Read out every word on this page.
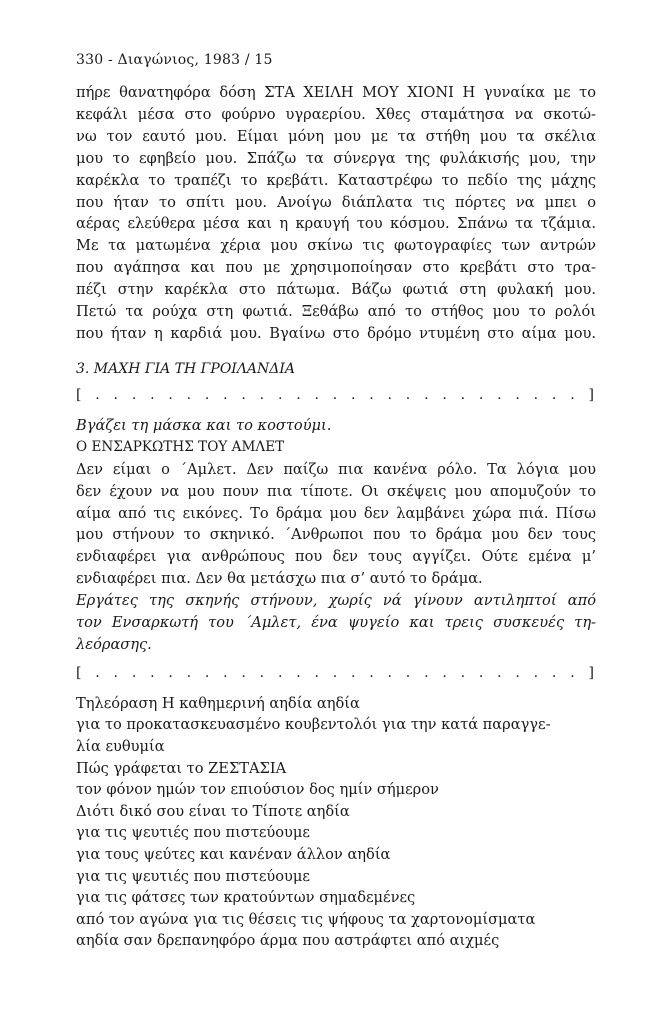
330 - Διαγώνιος, 1983 / 15

πήρε θανατηφόρα δόση ΣΤΑ ΧΕΙΛΗ ΜΟΥ ΧΙΟΝΙ Η γυναίκα με το
κεφάλι μέσα στο φούρνο υγραερίου. Χθες σταμάτησα να σκοτώ-
νω τον εαυτό μου. Είμαι μόνη μου με τα στήθη μου τα σκέλια
μου το εφηβείο μου. Σπάζω τα σύνεργα της φυλάκισής μου, την
καρέκλα το τραπέζι το κρεβάτι. Καταστρέφω το πεδίο της μάχης
που ήταν το σπίτι μου. Ανοίγω διάπλατα τις πόρτες να μπει ο
αέρας ελεύθερα μέσα και η κραυγή του κόσμου. Σπάνω τα τζάμια.
Με τα ματωμένα χέρια μου σκίνω τις φωτογραφίες των αντρών
που αγάπησα και που με χρησιμοποίησαν στο κρεβάτι στο τρα-
πέζι στην καρέκλα στο πάτωμα. Βάζω φωτιά στη φυλακή μου.
Πετώ τα ρούχα στη φωτιά. Ξεθάβω από το στήθος μου το ρολόι
που ήταν η καρδιά μου. Βγαίνω στο δρόμο ντυμένη στο αίμα μου.

3. ΜΑΧΗ ΓΙΑ ΤΗ ΓΡΟΙΛΑΝΔΙΑ
[ . . . . . . . . . . . . . . . . . . . . . . . . . . . ]

Βγάζει τη μάσκα και το κοστούμι.
Ο ΕΝΣΑΡΚΩΤΗΣ ΤΟΥ ΑΜΛΕΤ
Δεν είμαι ο ΄Αμλετ. Δεν παίζω πια κανένα ρόλο. Τα λόγια μου
δεν έχουν να μου πουν πια τίποτε. Οι σκέψεις μου απομυζούν το
αίμα από τις εικόνες. Το δράμα μου δεν λαμβάνει χώρα πιά. Πίσω
μου στήνουν το σκηνικό. ΄Ανθρωποι που το δράμα μου δεν τους
ενδιαφέρει για ανθρώπους που δεν τους αγγίζει. Ούτε εμένα μ’
ενδιαφέρει πια. Δεν θα μετάσχω πια σ’ αυτό το δράμα.
Εργάτες της σκηνής στήνουν, χωρίς νά γίνουν αντιληπτοί από
τον Ενσαρκωτή του ΄Αμλετ, ένα ψυγείο και τρεις συσκευές τη-
λεόρασης.

[ . . . . . . . . . . . . . . . . . . . . . . . . . . . ]
Τηλεόραση Η καθημερινή αηδία αηδία
για το προκατασκευασμένο κουβεντολόι για την κατά παραγγε-
λία ευθυμία
Πώς γράφεται το ΖΕΣΤΑΣΙΑ
τον φόνον ημών τον επιούσιον δος ημίν σήμερον
Διότι δικό σου είναι το Τίποτε αηδία
για τις ψευτιές που πιστεύουμε
για τους ψεύτες και κανέναν άλλον αηδία
για τις ψευτιές που πιστεύουμε
για τις φάτσες των κρατούντων σημαδεμένες
από τον αγώνα για τις θέσεις τις ψήφους τα χαρτονομίσματα
αηδία σαν δρεπανηφόρο άρμα που αστράφτει από αιχμές
